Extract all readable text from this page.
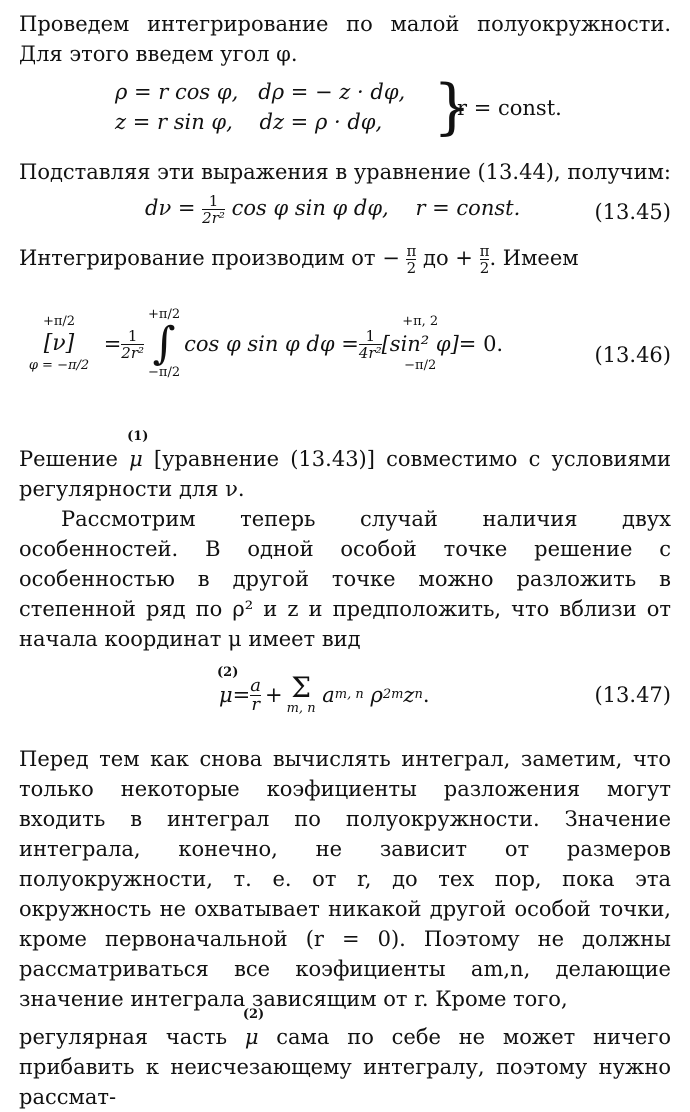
Проведем интегрирование по малой полуокружности. Для этого введем угол φ.

ρ = r cos φ, dρ = − z · dφ,
z = r sin φ, dz = ρ · dφ, }
r = const.

Подставляя эти выражения в уравнение (13.44), получим:

$d\nu = \frac{1}{\text{2r²}}$ cos φ sin φ dφ, r = const.	(13.45)

Интегрирование производим от − $\frac{\pi}{2}$ до + $\frac{\pi}{2}$ . Имеем

+π/2
[ν]
φ = −π/2

= $\frac{1}{\text{2r²}}$
+π/2
∫
−π/2
cos φ sin φ $d\varphi = \frac{1}{\text{4r²}}$
+π, 2
[sin² φ]
−π/2
= 0.	(13.46)

Решение
(1)
μ [уравнение (13.43)] совместимо с условиями регулярности для ν.

Рассмотрим теперь случай наличия двух особенностей. В одной особой точке решение с особенностью в другой точке можно разложить в степенной ряд по ρ² и z и предположить, что вблизи от начала координат μ имеет вид

(2)
$\mu = \frac{a}{r} + \Sigma$
m, n

a m, n
ρ 2m z n .	(13.47)

Перед тем как снова вычислять интеграл, заметим, что только некоторые коэфициенты разложения могут входить в интеграл по полуокружности. Значение интеграла, конечно, не зависит от размеров полуокружности, т. е. от r, до тех пор, пока эта окружность не охватывает никакой другой особой точки, кроме первоначальной (r = 0). Поэтому не должны рассматриваться все коэфициенты am,n, делающие значение интеграла зависящим от r. Кроме того,

регулярная часть
(2)
μ сама по себе не может ничего прибавить к неисчезающему интегралу, поэтому нужно рассмат-
